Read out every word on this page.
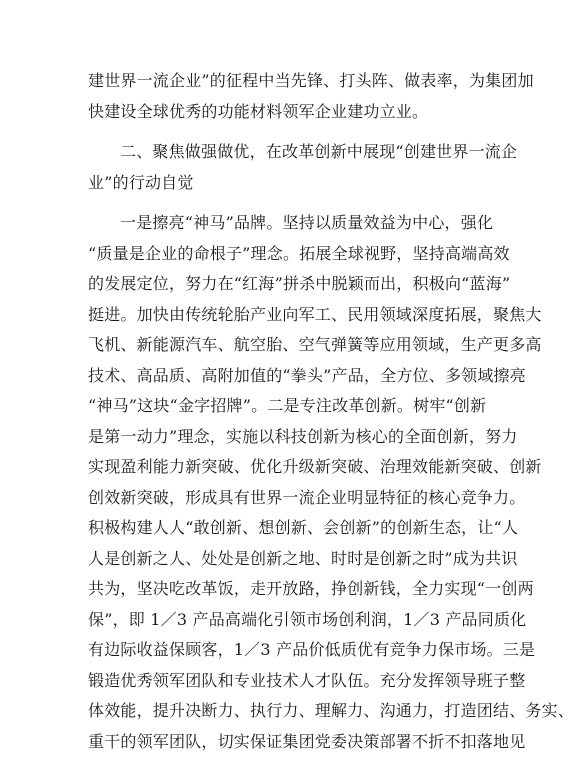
建世界一流企业”的征程中当先锋、打头阵、做表率，为集团加
快建设全球优秀的功能材料领军企业建功立业。
二、聚焦做强做优，在改革创新中展现“创建世界一流企
业”的行动自觉
一是擦亮“神马”品牌。坚持以质量效益为中心，强化
“质量是企业的命根子”理念。拓展全球视野，坚持高端高效
的发展定位，努力在“红海”拼杀中脱颖而出，积极向“蓝海”
挺进。加快由传统轮胎产业向军工、民用领域深度拓展，聚焦大
飞机、新能源汽车、航空胎、空气弹簧等应用领域，生产更多高
技术、高品质、高附加值的“拳头”产品，全方位、多领域擦亮
“神马”这块“金字招牌”。二是专注改革创新。树牢“创新
是第一动力”理念，实施以科技创新为核心的全面创新，努力
实现盈利能力新突破、优化升级新突破、治理效能新突破、创新
创效新突破，形成具有世界一流企业明显特征的核心竞争力。
积极构建人人“敢创新、想创新、会创新”的创新生态，让“人
人是创新之人、处处是创新之地、时时是创新之时”成为共识
共为，坚决吃改革饭，走开放路，挣创新钱，全力实现“一创两
保”，即 1／3 产品高端化引领市场创利润，1／3 产品同质化
有边际收益保顾客，1／3 产品价低质优有竞争力保市场。三是
锻造优秀领军团队和专业技术人才队伍。充分发挥领导班子整
体效能，提升决断力、执行力、理解力、沟通力，打造团结、务实、
重干的领军团队，切实保证集团党委决策部署不折不扣落地见
